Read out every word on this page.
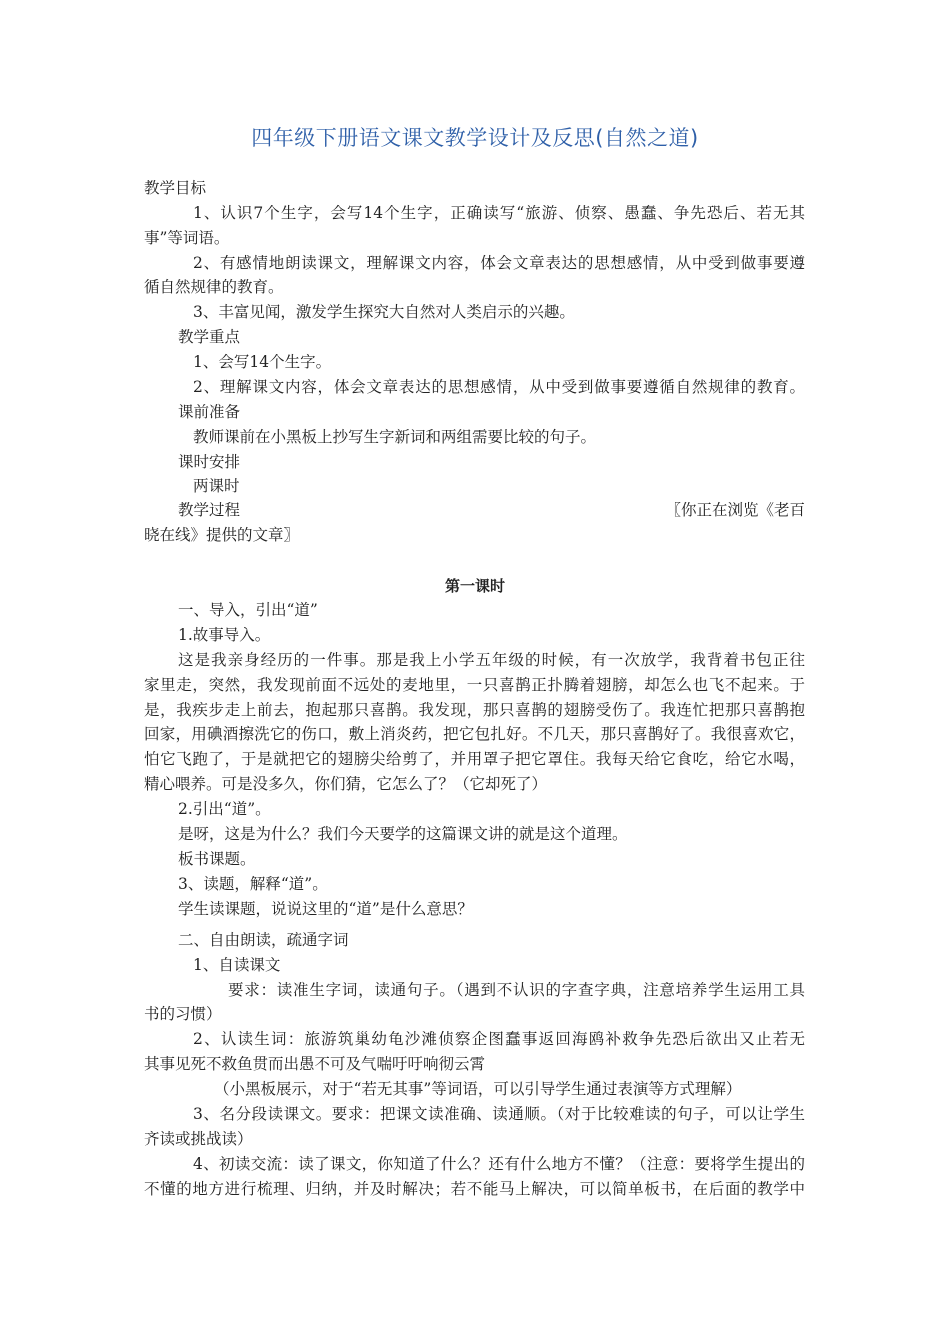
四年级下册语文课文教学设计及反思(自然之道)
教学目标
1、认识7个生字，会写14个生字，正确读写“旅游、侦察、愚蠢、争先恐后、若无其
事”等词语。
2、有感情地朗读课文，理解课文内容，体会文章表达的思想感情，从中受到做事要遵
循自然规律的教育。
3、丰富见闻，激发学生探究大自然对人类启示的兴趣。
教学重点
1、会写14个生字。
2、理解课文内容，体会文章表达的思想感情，从中受到做事要遵循自然规律的教育。
课前准备
教师课前在小黑板上抄写生字新词和两组需要比较的句子。
课时安排
两课时
教学过程	〖你正在浏览《老百
晓在线》提供的文章〗
第一课时
一、导入，引出“道”
1.故事导入。
这是我亲身经历的一件事。那是我上小学五年级的时候，有一次放学，我背着书包正往
家里走，突然，我发现前面不远处的麦地里，一只喜鹊正扑腾着翅膀，却怎么也飞不起来。于
是，我疾步走上前去，抱起那只喜鹊。我发现，那只喜鹊的翅膀受伤了。我连忙把那只喜鹊抱
回家，用碘酒擦洗它的伤口，敷上消炎药，把它包扎好。不几天，那只喜鹊好了。我很喜欢它，
怕它飞跑了，于是就把它的翅膀尖给剪了，并用罩子把它罩住。我每天给它食吃，给它水喝，
精心喂养。可是没多久，你们猜，它怎么了？（它却死了）
2.引出“道”。
是呀，这是为什么？我们今天要学的这篇课文讲的就是这个道理。
板书课题。
3、读题，解释“道”。
学生读课题，说说这里的“道”是什么意思？
二、自由朗读，疏通字词
1、自读课文
要求：读准生字词，读通句子。（遇到不认识的字查字典，注意培养学生运用工具
书的习惯）
2、认读生词：旅游筑巢幼龟沙滩侦察企图蠢事返回海鸥补救争先恐后欲出又止若无
其事见死不救鱼贯而出愚不可及气喘吁吁响彻云霄
（小黑板展示，对于“若无其事”等词语，可以引导学生通过表演等方式理解）
3、名分段读课文。要求：把课文读准确、读通顺。（对于比较难读的句子，可以让学生
齐读或挑战读）
4、初读交流：读了课文，你知道了什么？还有什么地方不懂？（注意：要将学生提出的
不懂的地方进行梳理、归纳，并及时解决；若不能马上解决，可以简单板书，在后面的教学中
